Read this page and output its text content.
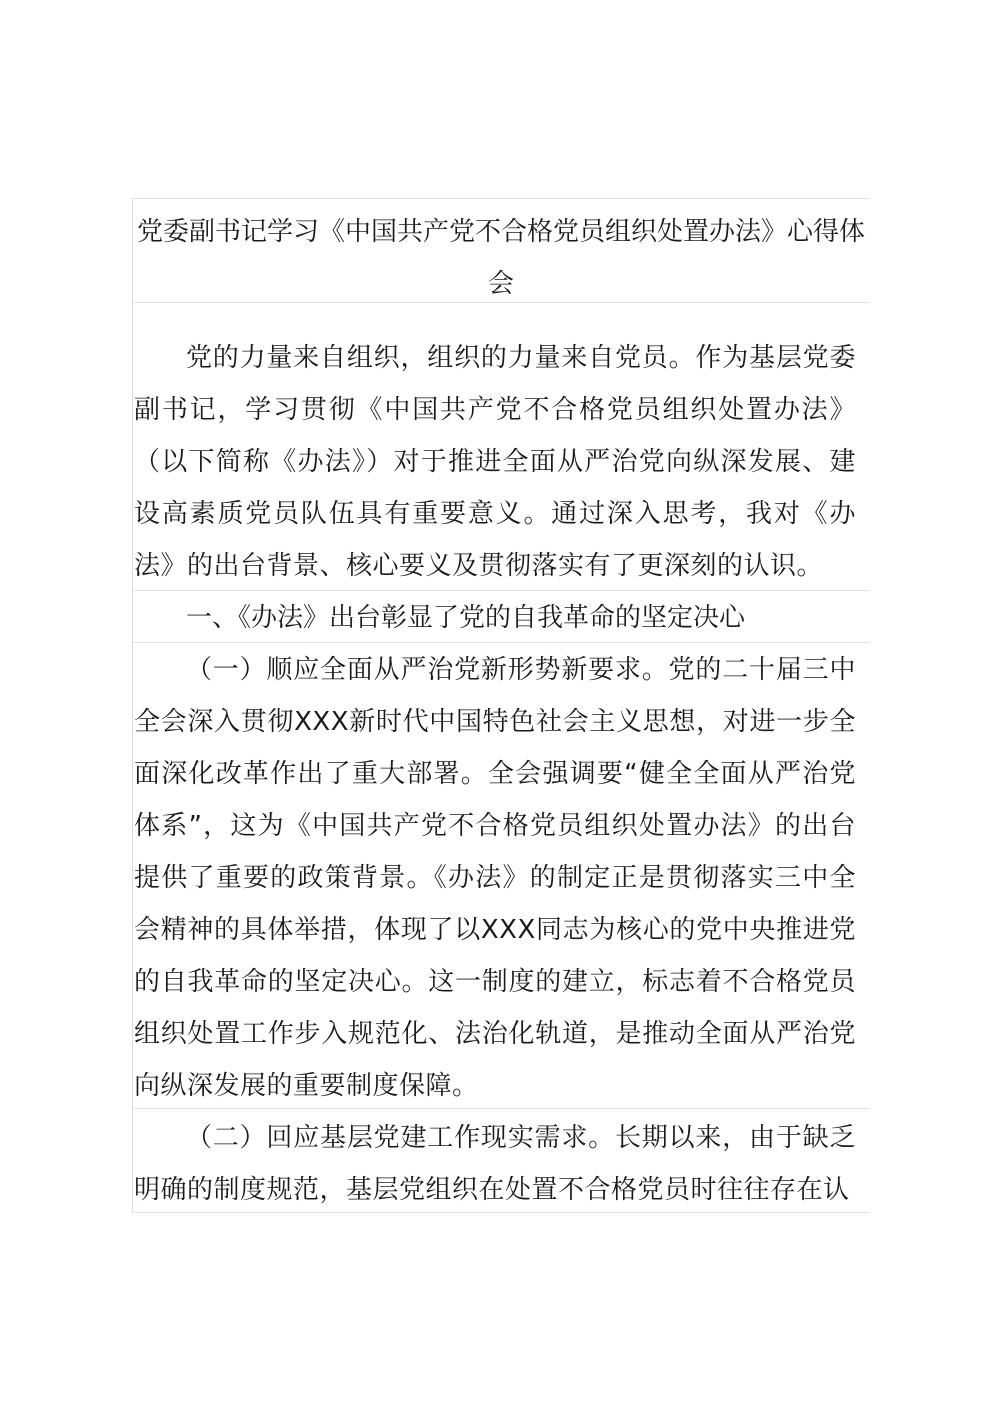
党委副书记学习《中国共产党不合格党员组织处置办法》心得体会
党的力量来自组织，组织的力量来自党员。作为基层党委副书记，学习贯彻《中国共产党不合格党员组织处置办法》（以下简称《办法》）对于推进全面从严治党向纵深发展、建设高素质党员队伍具有重要意义。通过深入思考，我对《办法》的出台背景、核心要义及贯彻落实有了更深刻的认识。
一、《办法》出台彰显了党的自我革命的坚定决心
（一）顺应全面从严治党新形势新要求。党的二十届三中全会深入贯彻XXX新时代中国特色社会主义思想，对进一步全面深化改革作出了重大部署。全会强调要“健全全面从严治党体系”，这为《中国共产党不合格党员组织处置办法》的出台提供了重要的政策背景。《办法》的制定正是贯彻落实三中全会精神的具体举措，体现了以XXX同志为核心的党中央推进党的自我革命的坚定决心。这一制度的建立，标志着不合格党员组织处置工作步入规范化、法治化轨道，是推动全面从严治党向纵深发展的重要制度保障。
（二）回应基层党建工作现实需求。长期以来，由于缺乏明确的制度规范，基层党组织在处置不合格党员时往往存在认
